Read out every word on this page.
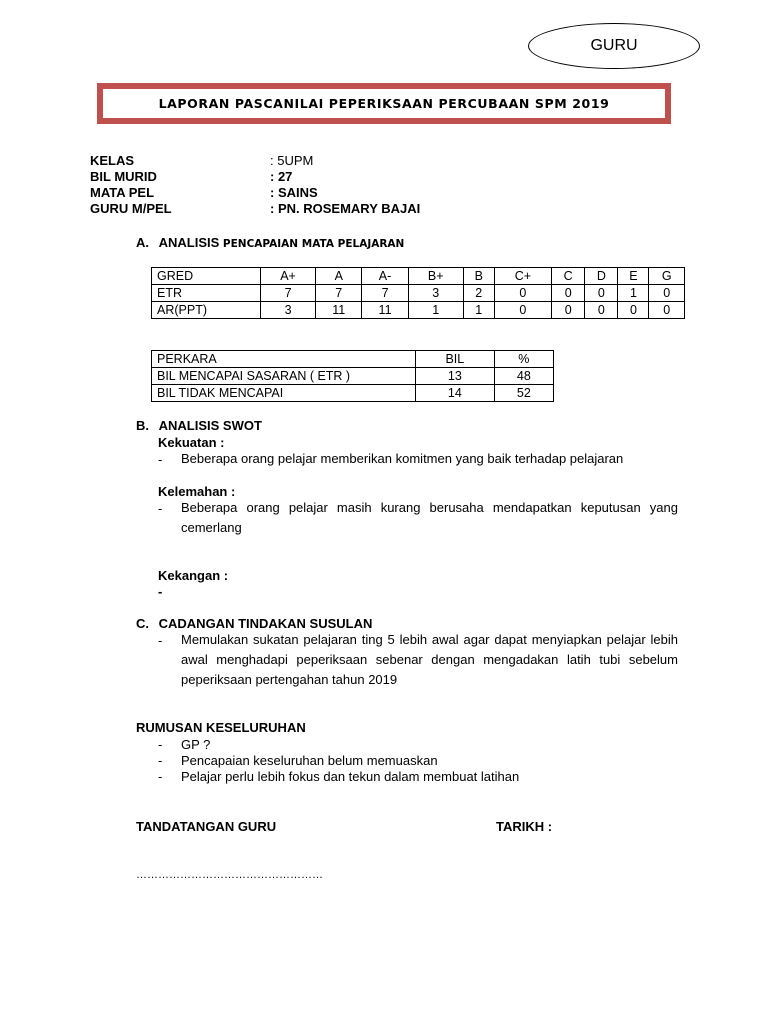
GURU
LAPORAN PASCANILAI PEPERIKSAAN PERCUBAAN SPM 2019
KELAS	: 5UPM
BIL MURID	: 27
MATA PEL	: SAINS
GURU M/PEL	: PN. ROSEMARY BAJAI
A. ANALISIS PENCAPAIAN MATA PELAJARAN
GRED	A+	A	A-	B+	B	C+	C	D	E	G
ETR	7	7	7	3	2	0	0	0	1	0
AR(PPT)	3	11	11	1	1	0	0	0	0	0
PERKARA	BIL	%
BIL MENCAPAI SASARAN ( ETR )	13	48
BIL TIDAK MENCAPAI	14	52
B. ANALISIS SWOT
Kekuatan :
- Beberapa orang pelajar memberikan komitmen yang baik terhadap pelajaran
Kelemahan :
- Beberapa orang pelajar masih kurang berusaha mendapatkan keputusan yang cemerlang
Kekangan :
-
C. CADANGAN TINDAKAN SUSULAN
- Memulakan sukatan pelajaran ting 5 lebih awal agar dapat menyiapkan pelajar lebih awal menghadapi peperiksaan sebenar dengan mengadakan latih tubi sebelum peperiksaan pertengahan tahun 2019
RUMUSAN KESELURUHAN
- GP ?
- Pencapaian keseluruhan belum memuaskan
- Pelajar perlu lebih fokus dan tekun dalam membuat latihan
TANDATANGAN GURU	TARIKH :
……………………………………………
